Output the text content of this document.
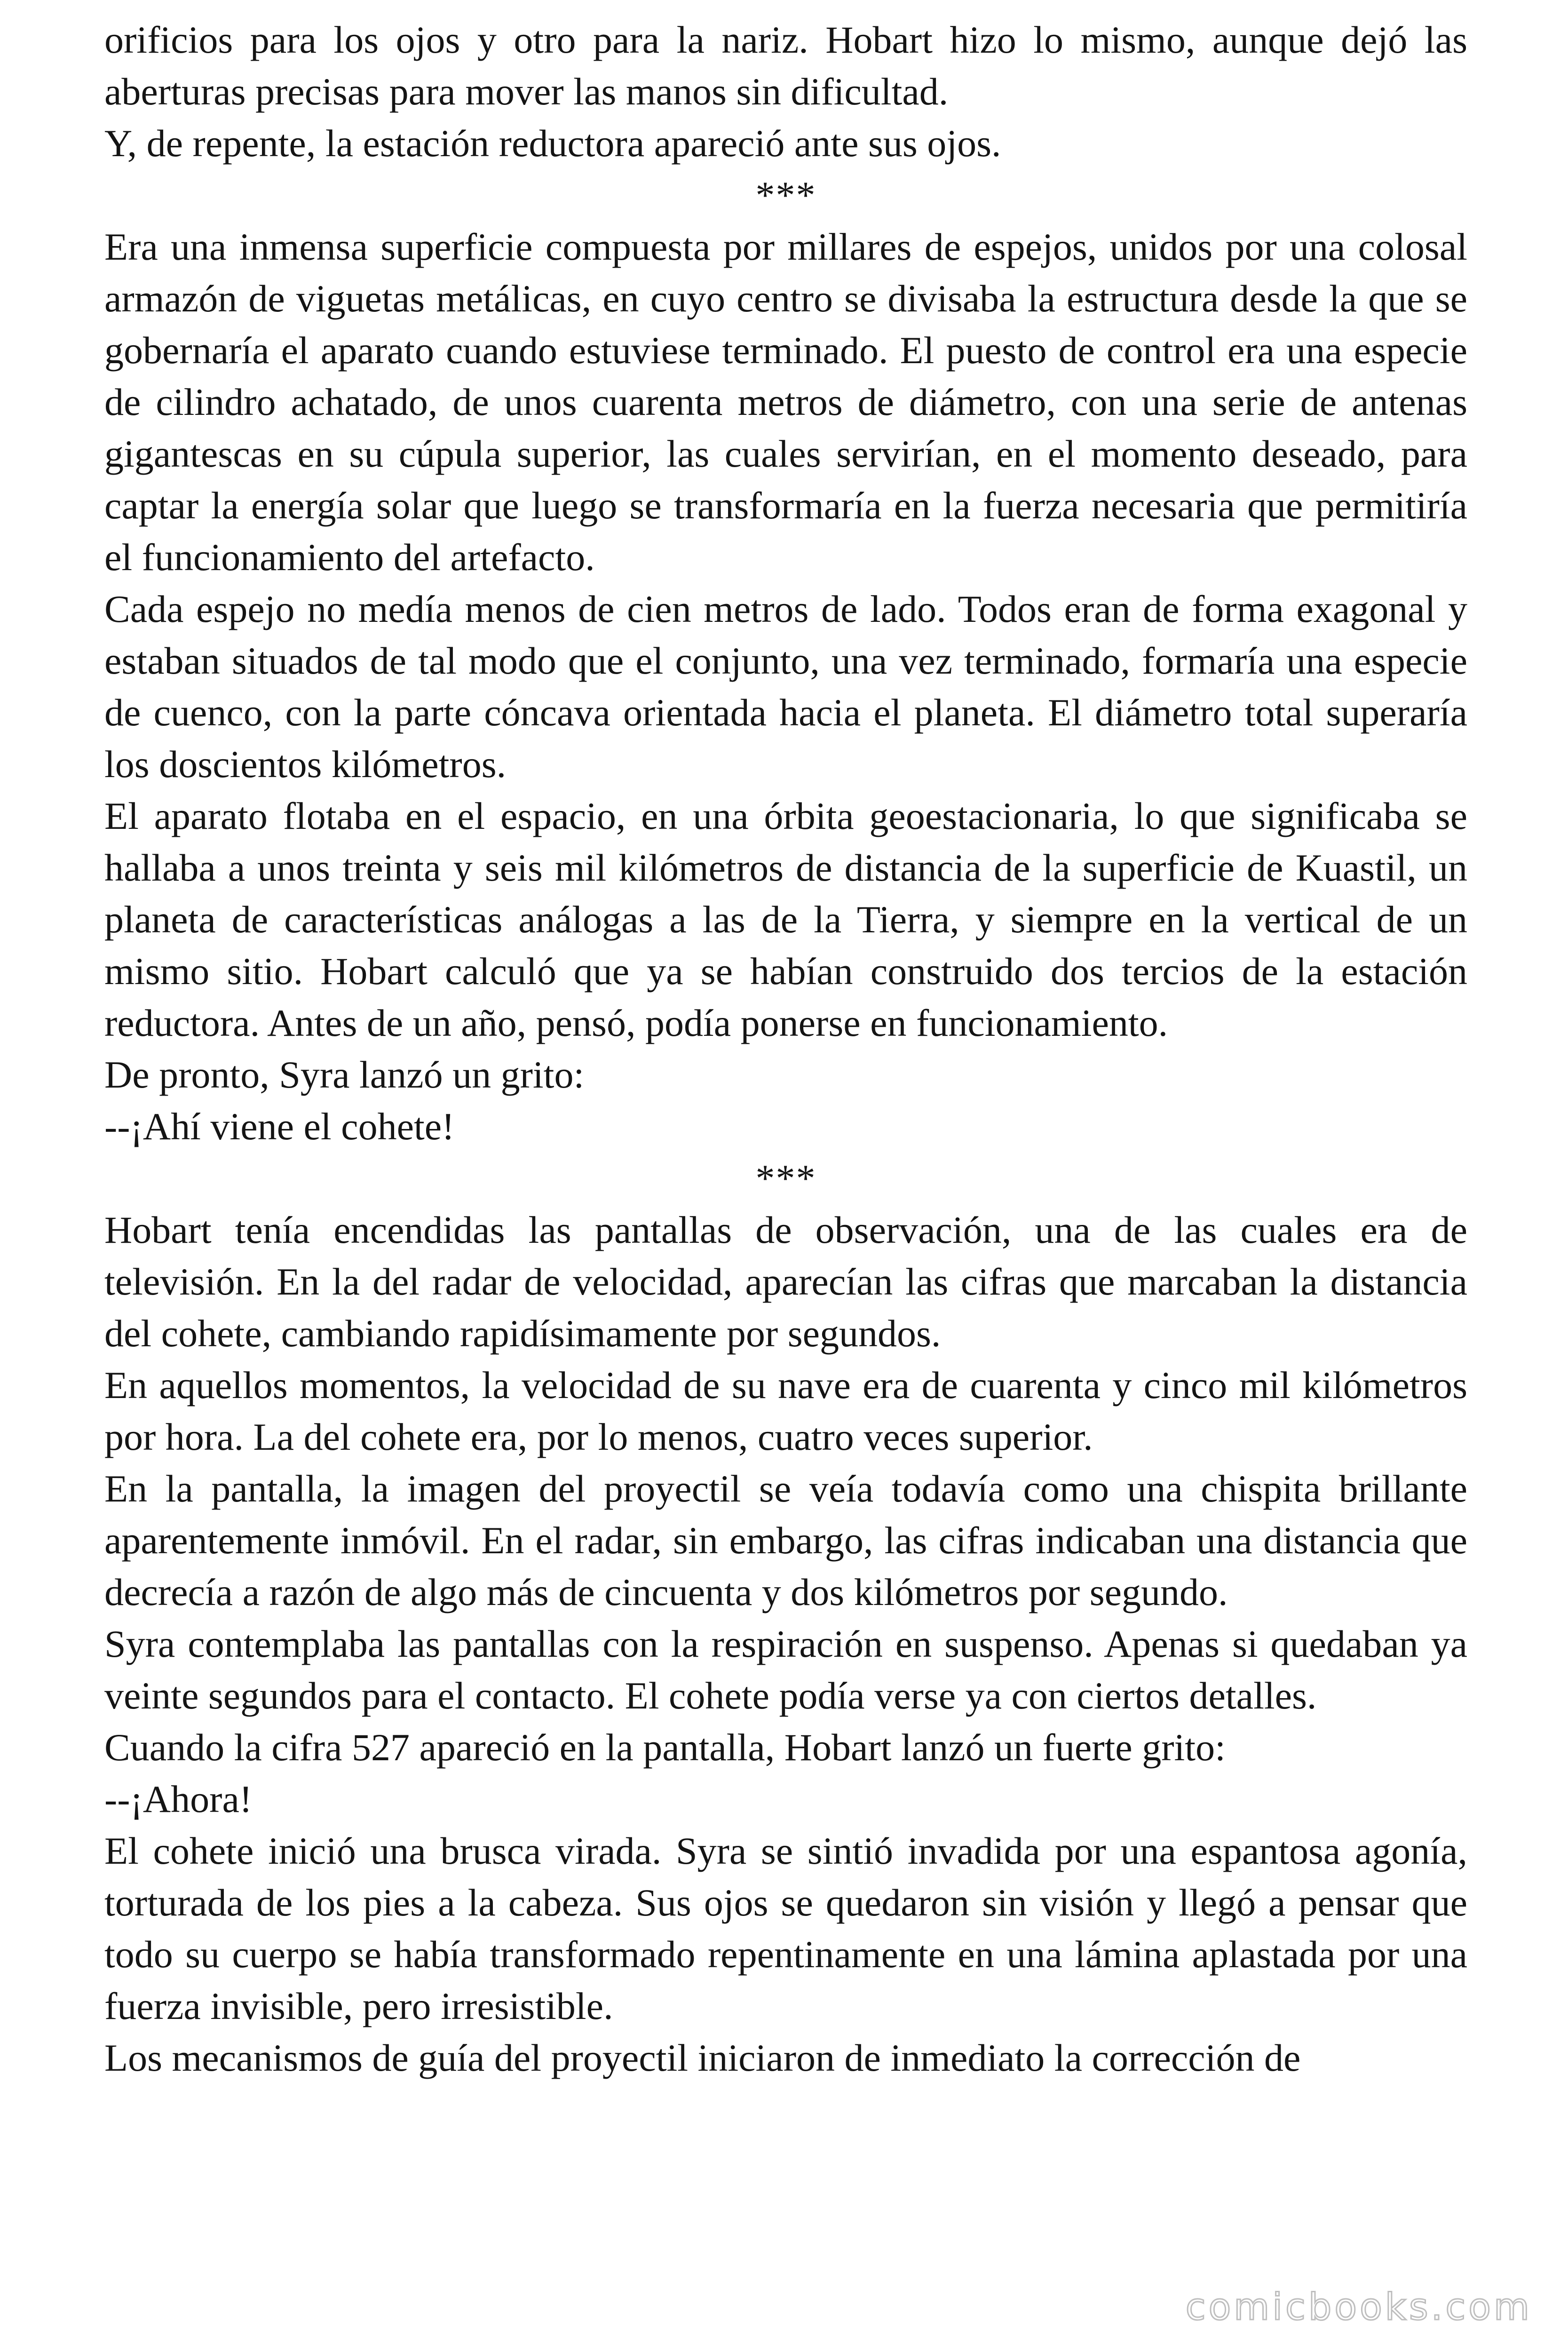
orificios para los ojos y otro para la nariz. Hobart hizo lo mismo, aunque dejó las aberturas precisas para mover las manos sin dificultad.

Y, de repente, la estación reductora apareció ante sus ojos.

***

Era una inmensa superficie compuesta por millares de espejos, unidos por una colosal armazón de viguetas metálicas, en cuyo centro se divisaba la estructura desde la que se gobernaría el aparato cuando estuviese terminado. El puesto de control era una especie de cilindro achatado, de unos cuarenta metros de diámetro, con una serie de antenas gigantescas en su cúpula superior, las cuales servirían, en el momento deseado, para captar la energía solar que luego se transformaría en la fuerza necesaria que permitiría el funcionamiento del artefacto.

Cada espejo no medía menos de cien metros de lado. Todos eran de forma exagonal y estaban situados de tal modo que el conjunto, una vez terminado, formaría una especie de cuenco, con la parte cóncava orientada hacia el planeta. El diámetro total superaría los doscientos kilómetros.

El aparato flotaba en el espacio, en una órbita geoestacionaria, lo que significaba se hallaba a unos treinta y seis mil kilómetros de distancia de la superficie de Kuastil, un planeta de características análogas a las de la Tierra, y siempre en la vertical de un mismo sitio. Hobart calculó que ya se habían construido dos tercios de la estación reductora. Antes de un año, pensó, podía ponerse en funcionamiento.

De pronto, Syra lanzó un grito:

--¡Ahí viene el cohete!

***

Hobart tenía encendidas las pantallas de observación, una de las cuales era de televisión. En la del radar de velocidad, aparecían las cifras que marcaban la distancia del cohete, cambiando rapidísimamente por segundos.

En aquellos momentos, la velocidad de su nave era de cuarenta y cinco mil kilómetros por hora. La del cohete era, por lo menos, cuatro veces superior.

En la pantalla, la imagen del proyectil se veía todavía como una chispita brillante aparentemente inmóvil. En el radar, sin embargo, las cifras indicaban una distancia que decrecía a razón de algo más de cincuenta y dos kilómetros por segundo.

Syra contemplaba las pantallas con la respiración en suspenso. Apenas si quedaban ya veinte segundos para el contacto. El cohete podía verse ya con ciertos detalles.

Cuando la cifra 527 apareció en la pantalla, Hobart lanzó un fuerte grito:

--¡Ahora!

El cohete inició una brusca virada. Syra se sintió invadida por una espantosa agonía, torturada de los pies a la cabeza. Sus ojos se quedaron sin visión y llegó a pensar que todo su cuerpo se había transformado repentinamente en una lámina aplastada por una fuerza invisible, pero irresistible.

Los mecanismos de guía del proyectil iniciaron de inmediato la corrección de

comicbooks.com
